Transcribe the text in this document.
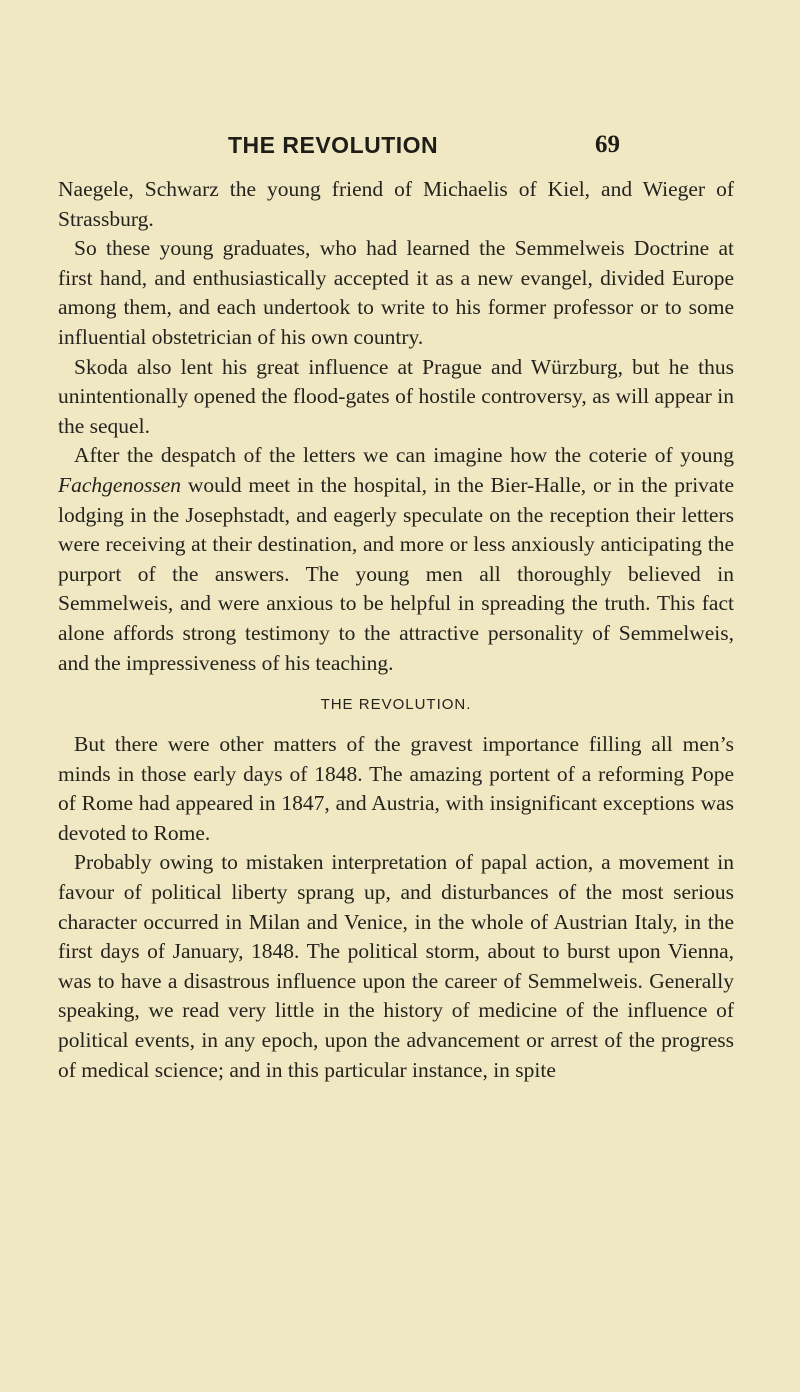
THE REVOLUTION	69

Naegele, Schwarz the young friend of Michaelis of Kiel, and Wieger of Strassburg.

So these young graduates, who had learned the Semmelweis Doctrine at first hand, and enthusiastically accepted it as a new evangel, divided Europe among them, and each undertook to write to his former professor or to some influential obstetrician of his own country.

Skoda also lent his great influence at Prague and Würzburg, but he thus unintentionally opened the flood-gates of hostile controversy, as will appear in the sequel.

After the despatch of the letters we can imagine how the coterie of young Fachgenossen would meet in the hospital, in the Bier-Halle, or in the private lodging in the Josephstadt, and eagerly speculate on the reception their letters were receiving at their destination, and more or less anxiously anticipating the purport of the answers. The young men all thoroughly believed in Semmelweis, and were anxious to be helpful in spreading the truth. This fact alone affords strong testimony to the attractive personality of Semmelweis, and the impressiveness of his teaching.

THE REVOLUTION.

But there were other matters of the gravest importance filling all men’s minds in those early days of 1848. The amazing portent of a reforming Pope of Rome had appeared in 1847, and Austria, with insignificant exceptions was devoted to Rome.

Probably owing to mistaken interpretation of papal action, a movement in favour of political liberty sprang up, and disturbances of the most serious character occurred in Milan and Venice, in the whole of Austrian Italy, in the first days of January, 1848. The political storm, about to burst upon Vienna, was to have a disastrous influence upon the career of Semmelweis. Generally speaking, we read very little in the history of medicine of the influence of political events, in any epoch, upon the advancement or arrest of the progress of medical science; and in this particular instance, in spite
